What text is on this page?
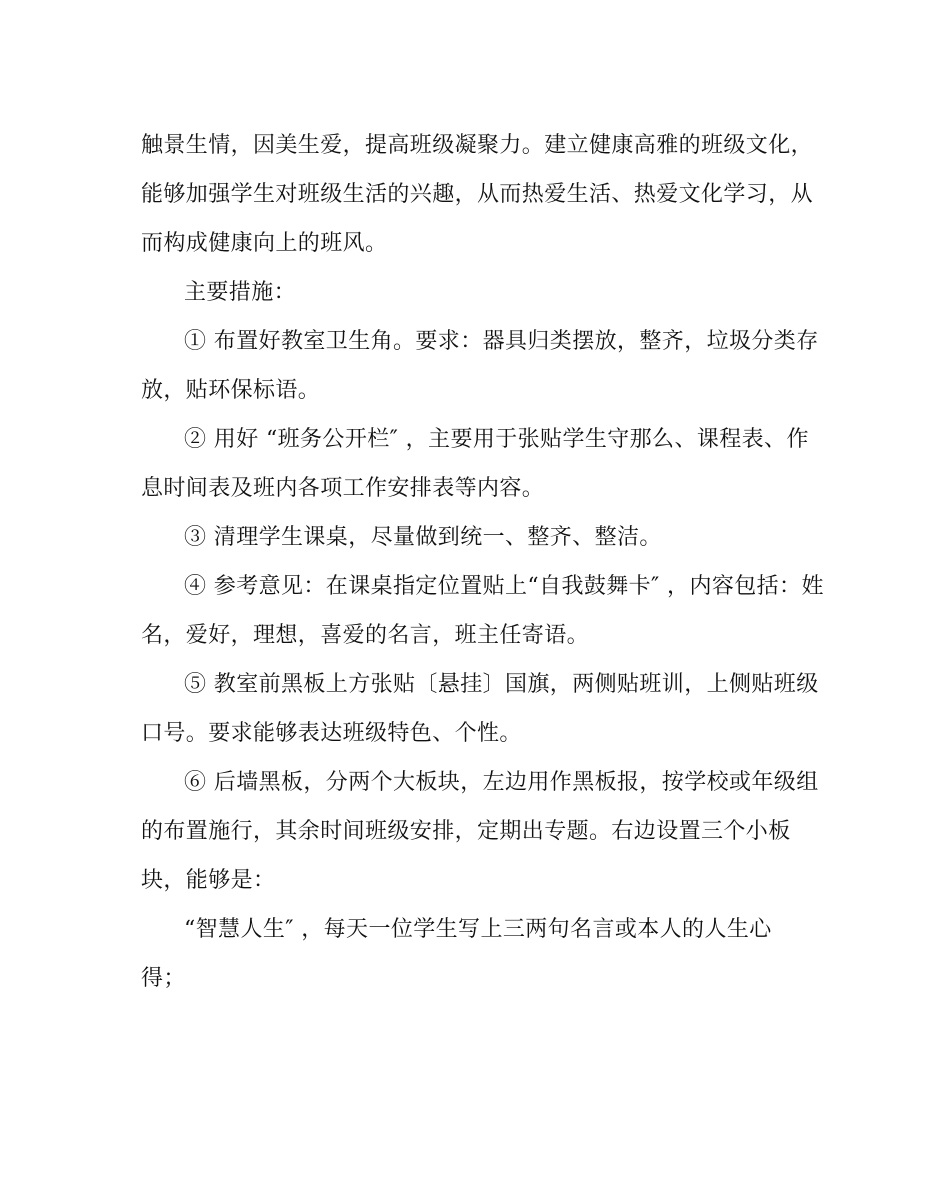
触景生情，因美生爱，提高班级凝聚力。建立健康高雅的班级文化，
能够加强学生对班级生活的兴趣，从而热爱生活、热爱文化学习，从
而构成健康向上的班风。
主要措施：
① 布置好教室卫生角。要求：器具归类摆放，整齐，垃圾分类存
放，贴环保标语。
② 用好 “班务公开栏″ ，主要用于张贴学生守那么、课程表、作
息时间表及班内各项工作安排表等内容。
③ 清理学生课桌，尽量做到统一、整齐、整洁。
④ 参考意见：在课桌指定位置贴上“自我鼓舞卡″ ，内容包括：姓
名，爱好，理想，喜爱的名言，班主任寄语。
⑤ 教室前黑板上方张贴〔悬挂〕国旗，两侧贴班训，上侧贴班级
口号。要求能够表达班级特色、个性。
⑥ 后墙黑板，分两个大板块，左边用作黑板报，按学校或年级组
的布置施行，其余时间班级安排，定期出专题。右边设置三个小板
块，能够是：
“智慧人生″ ，每天一位学生写上三两句名言或本人的人生心
得；
